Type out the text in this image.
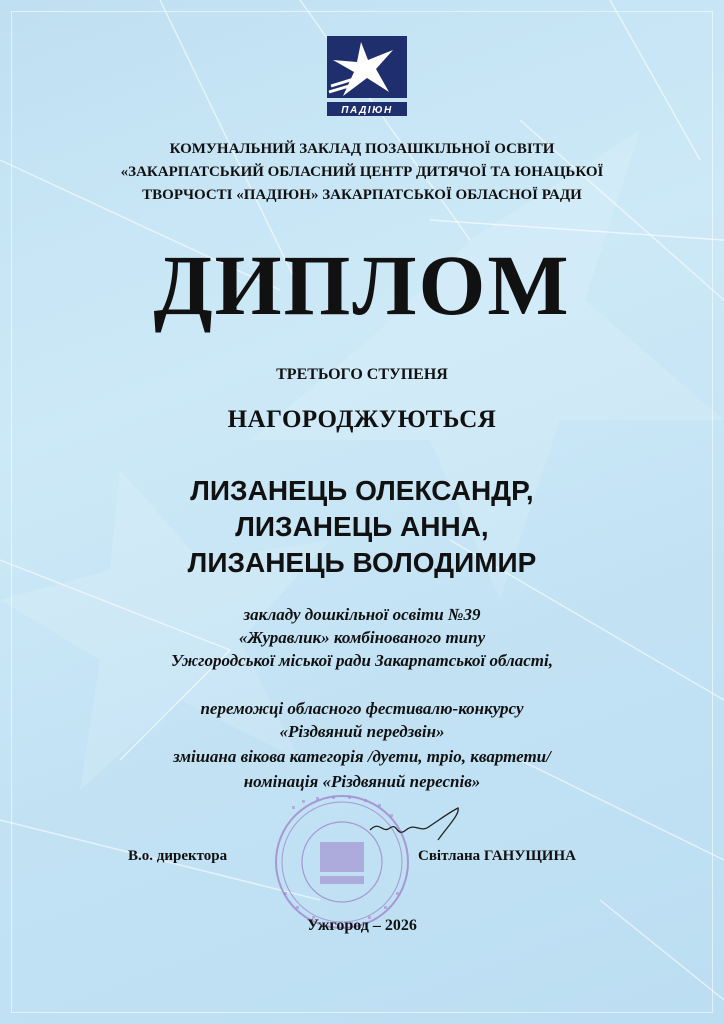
ПАДІЮН
КОМУНАЛЬНИЙ ЗАКЛАД ПОЗАШКІЛЬНОЇ ОСВІТИ
«ЗАКАРПАТСЬКИЙ ОБЛАСНИЙ ЦЕНТР ДИТЯЧОЇ ТА ЮНАЦЬКОЇ
ТВОРЧОСТІ «ПАДІЮН» ЗАКАРПАТСЬКОЇ ОБЛАСНОЇ РАДИ
ДИПЛОМ
ТРЕТЬОГО СТУПЕНЯ
НАГОРОДЖУЮТЬСЯ
ЛИЗАНЕЦЬ ОЛЕКСАНДР,
ЛИЗАНЕЦЬ АННА,
ЛИЗАНЕЦЬ ВОЛОДИМИР
закладу дошкільної освіти №39
«Журавлик» комбінованого типу
Ужгородської міської ради Закарпатської області,
переможці обласного фестивалю-конкурсу
«Різдвяний передзвін»
змішана вікова категорія /дуети, тріо, квартети/
номінація «Різдвяний переспів»
В.о. директора	Світлана ГАНУЩИНА
Ужгород – 2026
